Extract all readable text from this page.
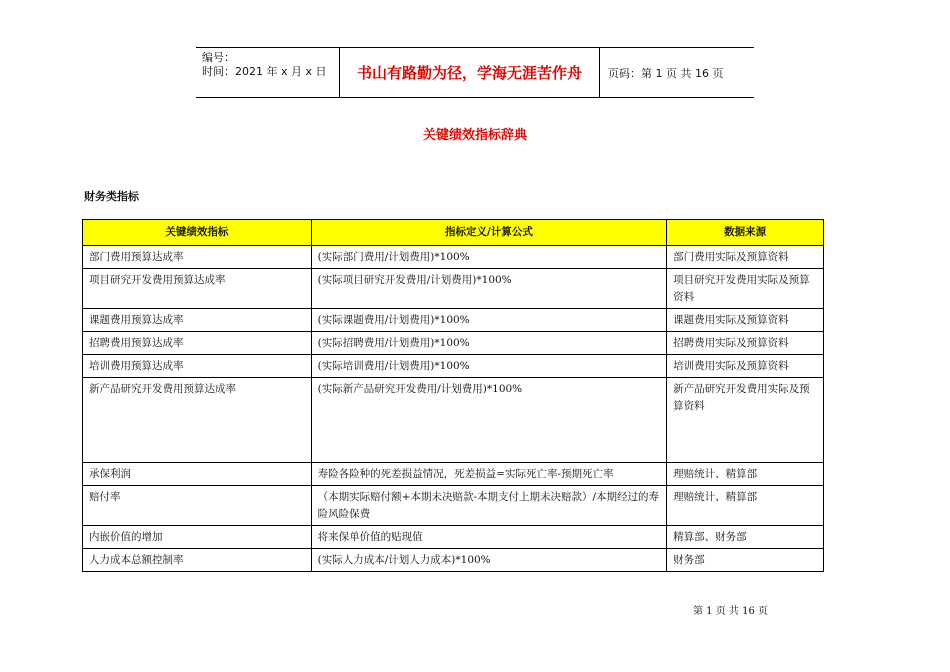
编号：
时间：2021 年 x 月 x 日	书山有路勤为径，学海无涯苦作舟	页码：第 1 页 共 16 页
关键绩效指标辞典
财务类指标
关键绩效指标	指标定义/计算公式	数据来源
部门费用预算达成率	(实际部门费用/计划费用)*100%	部门费用实际及预算资料
项目研究开发费用预算达成率	(实际项目研究开发费用/计划费用)*100%	项目研究开发费用实际及预算资料
课题费用预算达成率	(实际课题费用/计划费用)*100%	课题费用实际及预算资料
招聘费用预算达成率	(实际招聘费用/计划费用)*100%	招聘费用实际及预算资料
培训费用预算达成率	(实际培训费用/计划费用)*100%	培训费用实际及预算资料
新产品研究开发费用预算达成率	(实际新产品研究开发费用/计划费用)*100%	新产品研究开发费用实际及预算资料
承保利润	寿险各险种的死差损益情况，死差损益=实际死亡率-预期死亡率	理赔统计、精算部
赔付率	（本期实际赔付额+本期未决赔款-本期支付上期未决赔款）/本期经过的寿险风险保费	理赔统计、精算部
内嵌价值的增加	将来保单价值的贴现值	精算部、财务部
人力成本总额控制率	(实际人力成本/计划人力成本)*100%	财务部
第 1 页 共 16 页
